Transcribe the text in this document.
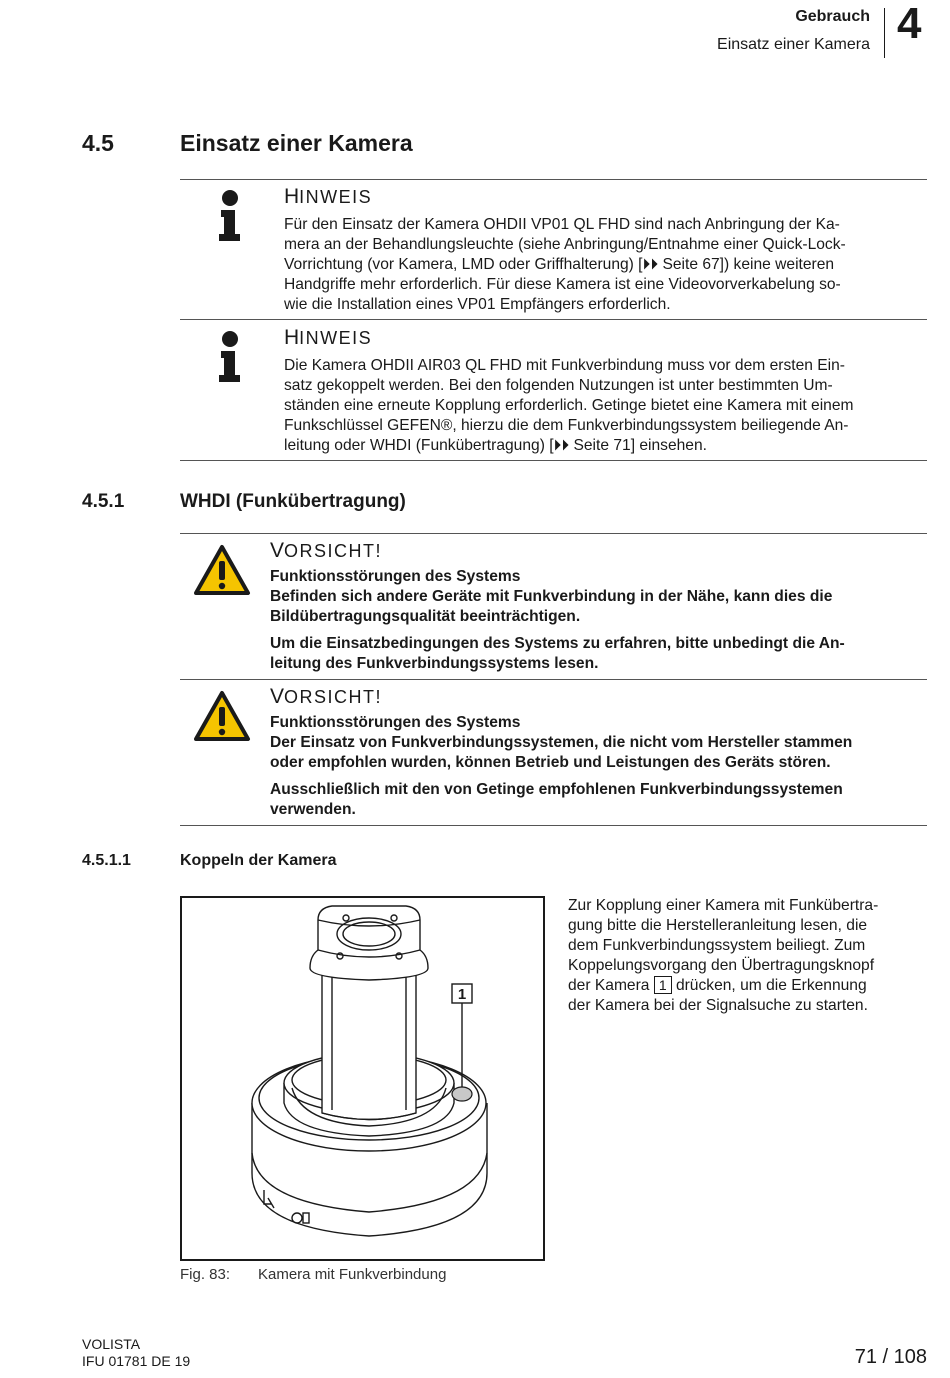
Gebrauch
Einsatz einer Kamera 4
4.5	Einsatz einer Kamera
HINWEIS

Für den Einsatz der Kamera OHDII VP01 QL FHD sind nach Anbringung der Ka-

mera an der Behandlungsleuchte (siehe Anbringung/Entnahme einer Quick-Lock-

Vorrichtung (vor Kamera, LMD oder Griffhalterung) [⏵⏵ Seite 67]) keine weiteren

Handgriffe mehr erforderlich. Für diese Kamera ist eine Videovorverkabelung so-

wie die Installation eines VP01 Empfängers erforderlich.

HINWEIS

Die Kamera OHDII AIR03 QL FHD mit Funkverbindung muss vor dem ersten Ein-

satz gekoppelt werden. Bei den folgenden Nutzungen ist unter bestimmten Um-

ständen eine erneute Kopplung erforderlich. Getinge bietet eine Kamera mit einem

Funkschlüssel GEFEN®, hierzu die dem Funkverbindungssystem beiliegende An-

leitung oder WHDI (Funkübertragung) [⏵⏵ Seite 71] einsehen.

4.5.1	WHDI (Funkübertragung)
VORSICHT!

Funktionsstörungen des Systems

Befinden sich andere Geräte mit Funkverbindung in der Nähe, kann dies die

Bildübertragungsqualität beeinträchtigen.

Um die Einsatzbedingungen des Systems zu erfahren, bitte unbedingt die An-

leitung des Funkverbindungssystems lesen.

VORSICHT!

Funktionsstörungen des Systems

Der Einsatz von Funkverbindungssystemen, die nicht vom Hersteller stammen

oder empfohlen wurden, können Betrieb und Leistungen des Geräts stören.

Ausschließlich mit den von Getinge empfohlenen Funkverbindungssystemen

verwenden.

4.5.1.1	Koppeln der Kamera
1
Fig. 83: Kamera mit Funkverbindung
Zur Kopplung einer Kamera mit Funkübertra-
gung bitte die Herstelleranleitung lesen, die
dem Funkverbindungssystem beiliegt. Zum
Koppelungsvorgang den Übertragungsknopf
der Kamera 1 drücken, um die Erkennung
der Kamera bei der Signalsuche zu starten.
VOLISTA
IFU 01781 DE 19	71 / 108
